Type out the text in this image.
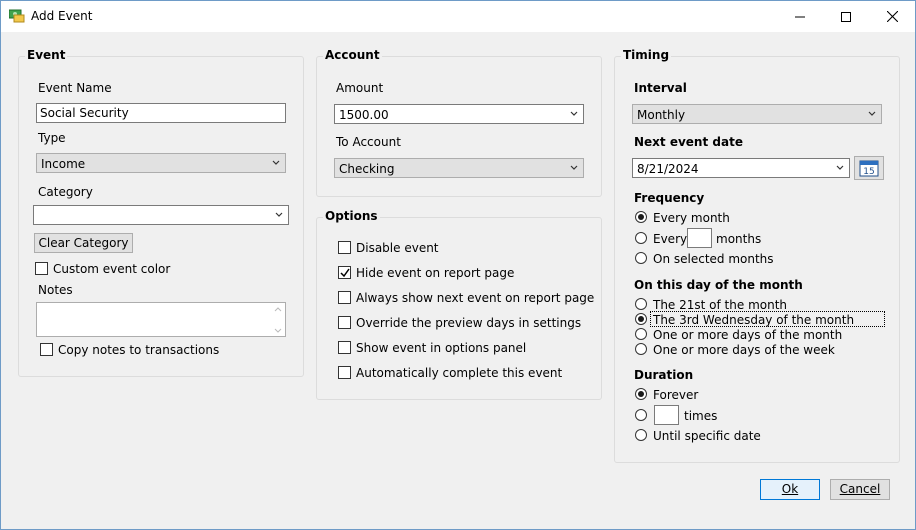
Add Event
Event
Event Name
Social Security
Type
Income
Category
Clear Category
Custom event color
Notes
Copy notes to transactions
Account
Amount
1500.00
To Account
Checking
Options
Disable event
Hide event on report page
Always show next event on report page
Override the preview days in settings
Show event in options panel
Automatically complete this event
Timing
Interval
Monthly
Next event date
8/21/2024	15
Frequency
Every month
Every months
On selected months
On this day of the month
The 21st of the month
The 3rd Wednesday of the month
One or more days of the month
One or more days of the week
Duration
Forever
times
Until specific date
Ok	Cancel
